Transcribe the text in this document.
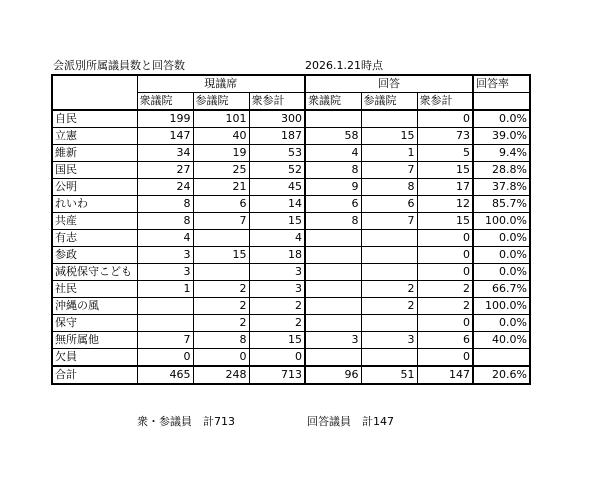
会派別所属議員数と回答数	2026.1.21時点
	現議席			回答			回答率
	衆議院	参議院	衆参計	衆議院	参議院	衆参計	
自民	199	101	300			0	0.0%
立憲	147	40	187	58	15	73	39.0%
維新	34	19	53	4	1	5	9.4%
国民	27	25	52	8	7	15	28.8%
公明	24	21	45	9	8	17	37.8%
れいわ	8	6	14	6	6	12	85.7%
共産	8	7	15	8	7	15	100.0%
有志	4		4			0	0.0%
参政	3	15	18			0	0.0%
減税保守こども	3		3			0	0.0%
社民	1	2	3		2	2	66.7%
沖縄の風		2	2		2	2	100.0%
保守		2	2			0	0.0%
無所属他	7	8	15	3	3	6	40.0%
欠員	0	0	0			0	
合計	465	248	713	96	51	147	20.6%
衆・参議員　計713	回答議員　計147
